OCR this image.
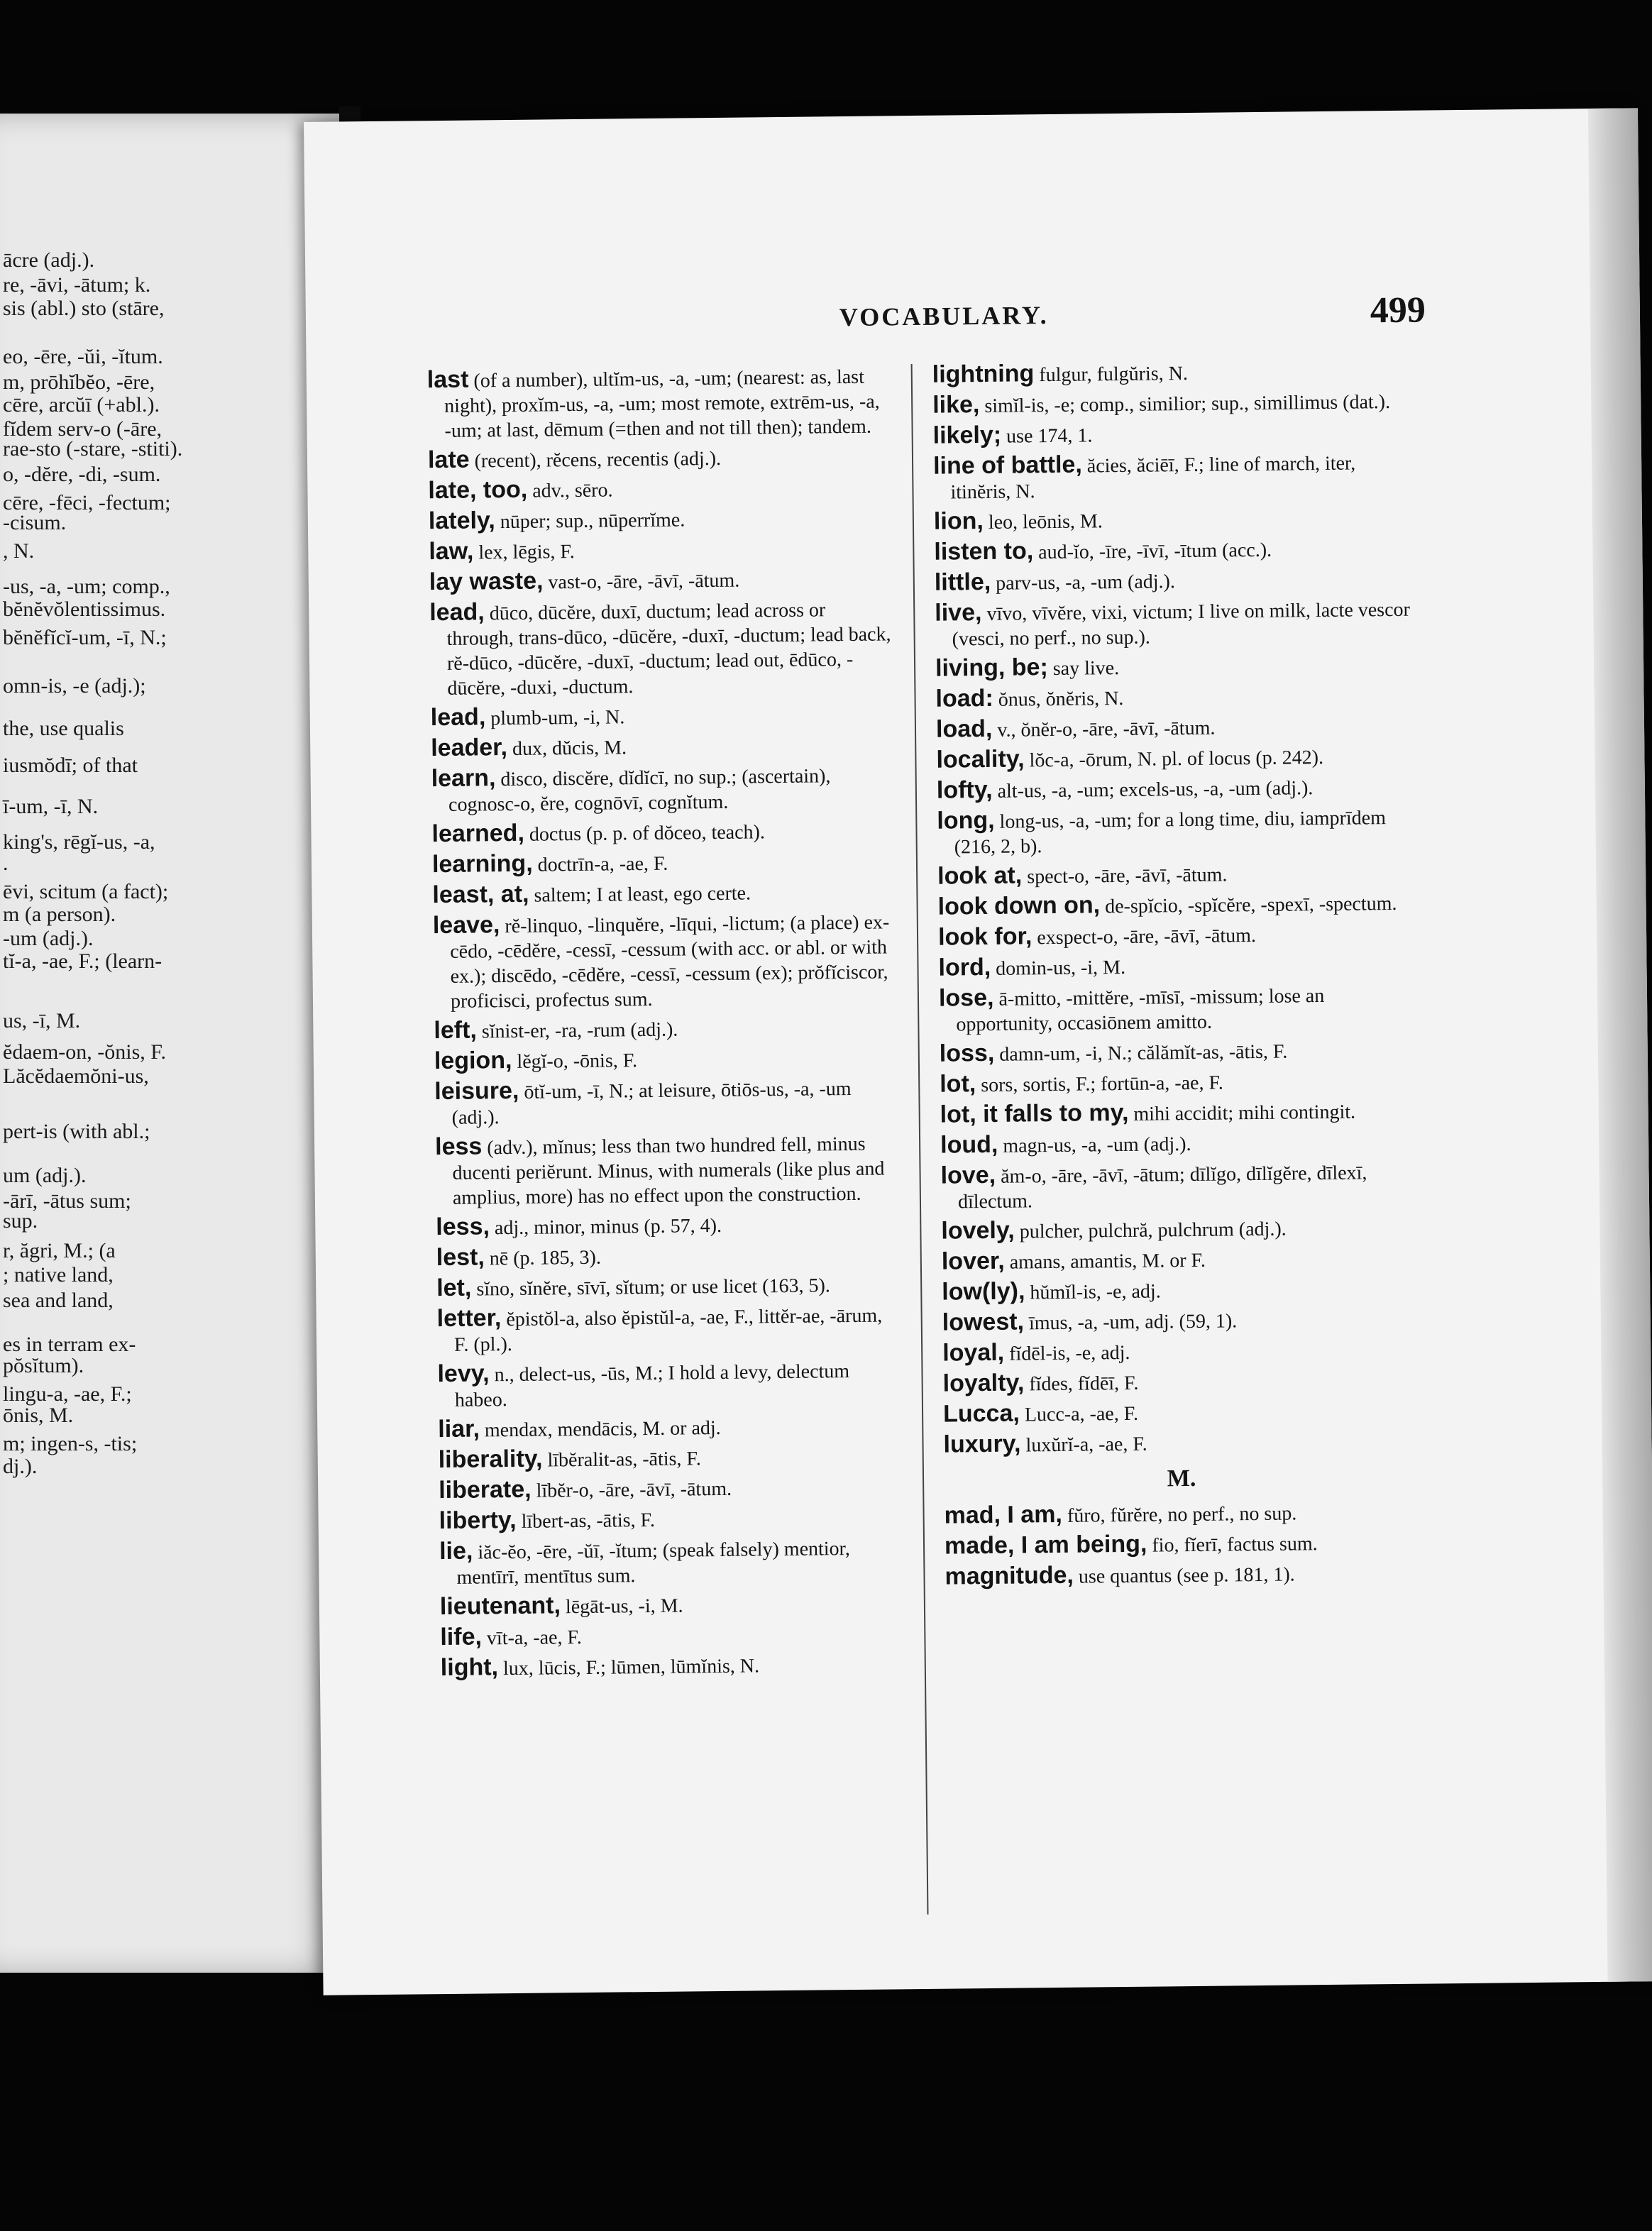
ācre (adj.).
re, -āvi, -ātum; k.
sis (abl.) sto (stāre,
eo, -ēre, -ŭi, -ĭtum.
m, prōhĭbĕo, -ēre,
cēre, arcŭī (+abl.).
fĭdem serv-o (-āre,
rae-sto (-stare, -stiti).
o, -dĕre, -di, -sum.
cēre, -fēci, -fectum;
-cisum.
, N.
-us, -a, -um; comp.,
bĕnĕvŏlentissimus.
bĕnĕfĭcĭ-um, -ī, N.;
omn-is, -e (adj.);
the, use qualis
iusmŏdī; of that
ī-um, -ī, N.
king's, rēgĭ-us, -a,
.
ēvi, scitum (a fact);
m (a person).
-um (adj.).
tĭ-a, -ae, F.; (learn-
us, -ī, M.
ĕdaem-on, -ŏnis, F.
Lăcĕdaemŏni-us,
pert-is (with abl.;
um (adj.).
-ārī, -ātus sum;
sup.
r, ăgri, M.; (a
; native land,
sea and land,
es in terram ex-
pŏsĭtum).
lingu-a, -ae, F.;
ōnis, M.
m; ingen-s, -tis;
dj.).
VOCABULARY.	499
last (of a number), ultĭm-us, -a, -um; (nearest: as, last night), proxĭm-us, -a, -um; most remote, extrēm-us, -a, -um; at last, dēmum (=then and not till then); tandem.
late (recent), rĕcens, recentis (adj.).
late, too, adv., sēro.
lately, nūper; sup., nūperrĭme.
law, lex, lēgis, F.
lay waste, vast-o, -āre, -āvī, -ātum.
lead, dūco, dūcĕre, duxī, ductum; lead across or through, trans-dūco, -dūcĕre, -duxī, -ductum; lead back, rĕ-dūco, -dūcĕre, -duxī, -ductum; lead out, ēdūco, -dūcĕre, -duxi, -ductum.
lead, plumb-um, -i, N.
leader, dux, dŭcis, M.
learn, disco, discĕre, dĭdĭcī, no sup.; (ascertain), cognosc-o, ĕre, cognōvī, cognĭtum.
learned, doctus (p. p. of dŏceo, teach).
learning, doctrīn-a, -ae, F.
least, at, saltem; I at least, ego certe.
leave, rĕ-linquo, -linquĕre, -līqui, -lictum; (a place) ex-cēdo, -cēdĕre, -cessī, -cessum (with acc. or abl. or with ex.); discēdo, -cēdĕre, -cessī, -cessum (ex); prŏfĭciscor, proficisci, profectus sum.
left, sĭnist-er, -ra, -rum (adj.).
legion, lĕgĭ-o, -ōnis, F.
leisure, ōtĭ-um, -ī, N.; at leisure, ōtiōs-us, -a, -um (adj.).
less (adv.), mĭnus; less than two hundred fell, minus ducenti periĕrunt. Minus, with numerals (like plus and amplius, more) has no effect upon the construction.
less, adj., minor, minus (p. 57, 4).
lest, nē (p. 185, 3).
let, sĭno, sĭnĕre, sīvī, sĭtum; or use licet (163, 5).
letter, ĕpistŏl-a, also ĕpistŭl-a, -ae, F., littĕr-ae, -ārum, F. (pl.).
levy, n., delect-us, -ūs, M.; I hold a levy, delectum habeo.
liar, mendax, mendācis, M. or adj.
liberality, lībĕralit-as, -ātis, F.
liberate, lībĕr-o, -āre, -āvī, -ātum.
liberty, lībert-as, -ātis, F.
lie, iăc-ĕo, -ēre, -ŭī, -ĭtum; (speak falsely) mentior, mentīrī, mentītus sum.
lieutenant, lēgāt-us, -i, M.
life, vīt-a, -ae, F.
light, lux, lūcis, F.; lūmen, lūmĭnis, N.
lightning fulgur, fulgŭris, N.
like, simĭl-is, -e; comp., similior; sup., simillimus (dat.).
likely; use 174, 1.
line of battle, ăcies, ăciēī, F.; line of march, iter, itinĕris, N.
lion, leo, leōnis, M.
listen to, aud-ĭo, -īre, -īvī, -ītum (acc.).
little, parv-us, -a, -um (adj.).
live, vīvo, vīvĕre, vixi, victum; I live on milk, lacte vescor (vesci, no perf., no sup.).
living, be; say live.
load: ŏnus, ŏnĕris, N.
load, v., ŏnĕr-o, -āre, -āvī, -ātum.
locality, lŏc-a, -ōrum, N. pl. of locus (p. 242).
lofty, alt-us, -a, -um; excels-us, -a, -um (adj.).
long, long-us, -a, -um; for a long time, diu, iamprīdem (216, 2, b).
look at, spect-o, -āre, -āvī, -ātum.
look down on, de-spĭcio, -spĭcĕre, -spexī, -spectum.
look for, exspect-o, -āre, -āvī, -ātum.
lord, domin-us, -i, M.
lose, ā-mitto, -mittĕre, -mīsī, -missum; lose an opportunity, occasiōnem amitto.
loss, damn-um, -i, N.; călămĭt-as, -ātis, F.
lot, sors, sortis, F.; fortūn-a, -ae, F.
lot, it falls to my, mihi accidit; mihi contingit.
loud, magn-us, -a, -um (adj.).
love, ăm-o, -āre, -āvī, -ātum; dīlĭgo, dīlĭgĕre, dīlexī, dīlectum.
lovely, pulcher, pulchră, pulchrum (adj.).
lover, amans, amantis, M. or F.
low(ly), hŭmĭl-is, -e, adj.
lowest, īmus, -a, -um, adj. (59, 1).
loyal, fĭdēl-is, -e, adj.
loyalty, fĭdes, fĭdēī, F.
Lucca, Lucc-a, -ae, F.
luxury, luxŭrĭ-a, -ae, F.
M.
mad, I am, fŭro, fŭrĕre, no perf., no sup.
made, I am being, fio, fĭerī, factus sum.
magnitude, use quantus (see p. 181, 1).
